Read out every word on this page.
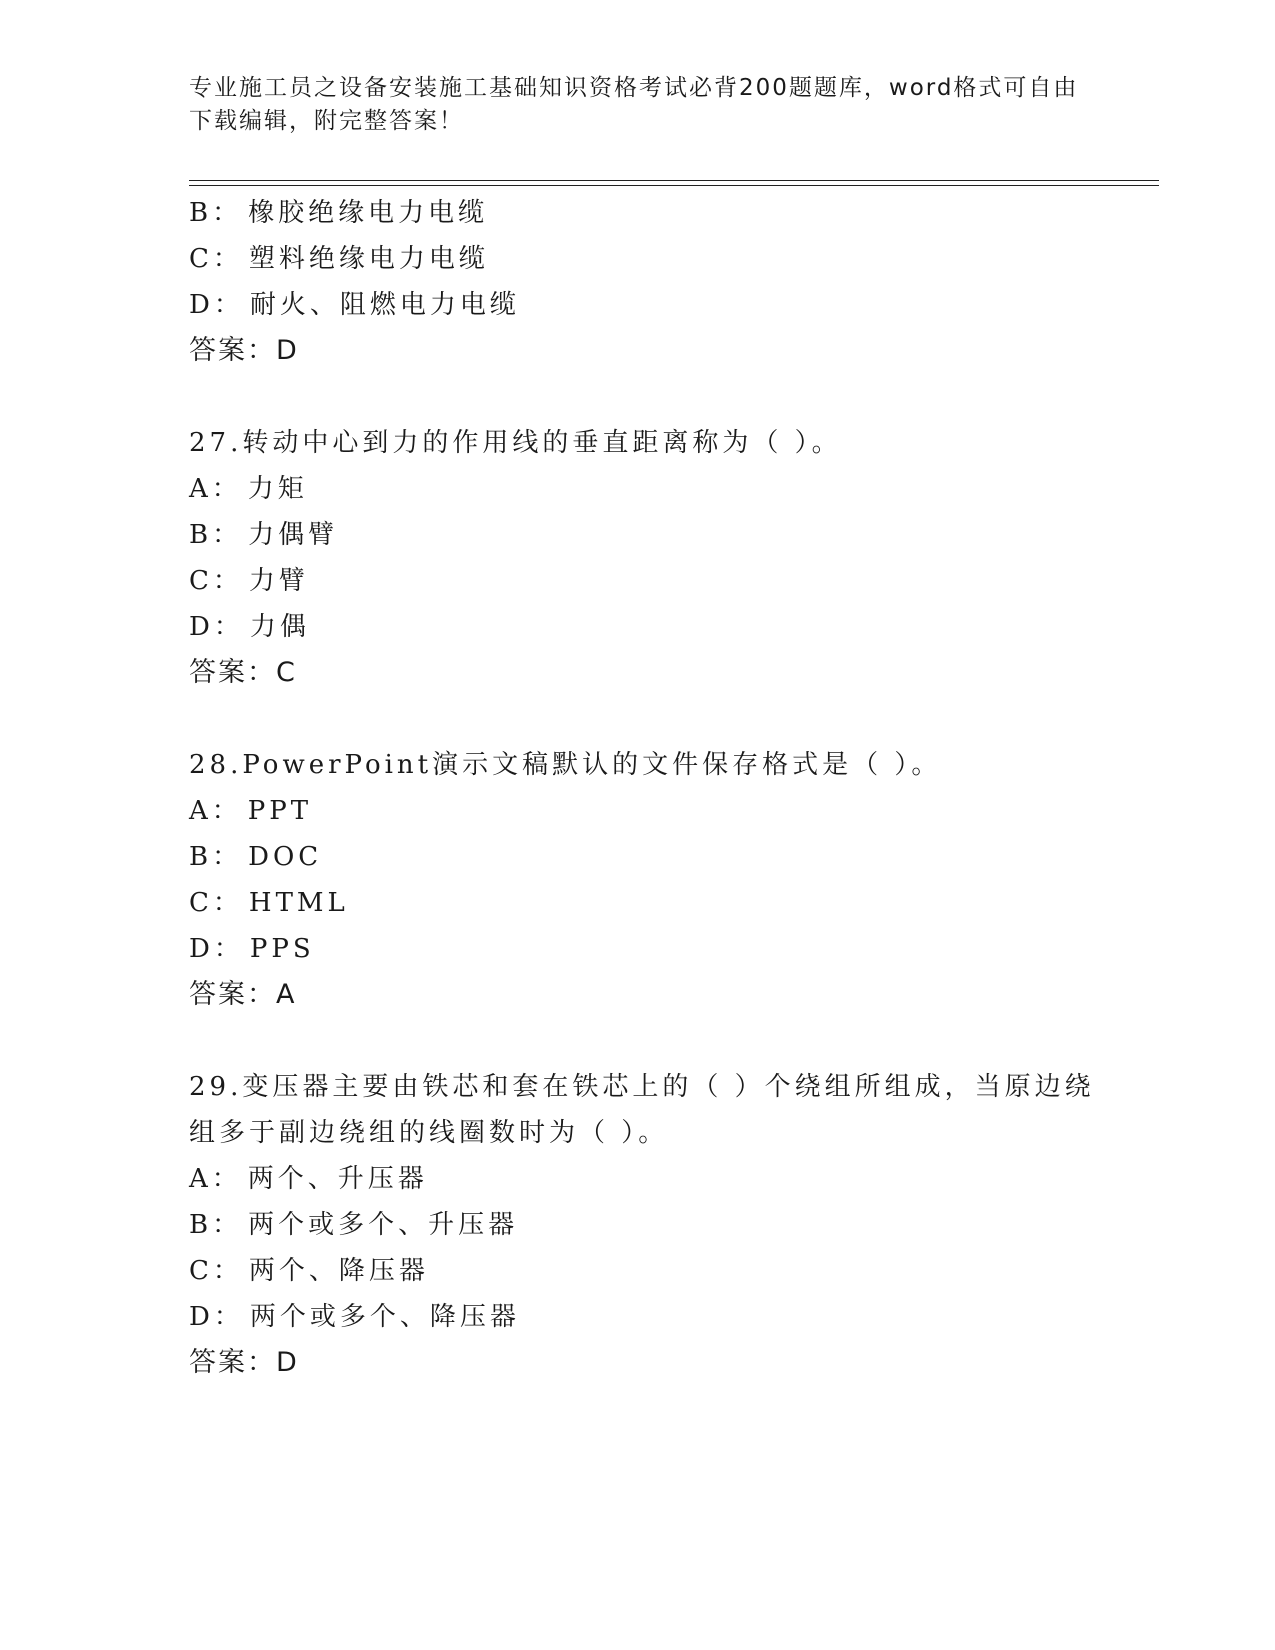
专业施工员之设备安装施工基础知识资格考试必背200题题库，word格式可自由
下载编辑，附完整答案！
B： 橡胶绝缘电力电缆
C： 塑料绝缘电力电缆
D： 耐火、阻燃电力电缆
答案：D
27.转动中心到力的作用线的垂直距离称为（ ）。
A： 力矩
B： 力偶臂
C： 力臂
D： 力偶
答案：C
28.PowerPoint演示文稿默认的文件保存格式是（ ）。
A： PPT
B： DOC
C： HTML
D： PPS
答案：A
29.变压器主要由铁芯和套在铁芯上的（ ）个绕组所组成，当原边绕
组多于副边绕组的线圈数时为（ ）。
A： 两个、升压器
B： 两个或多个、升压器
C： 两个、降压器
D： 两个或多个、降压器
答案：D
